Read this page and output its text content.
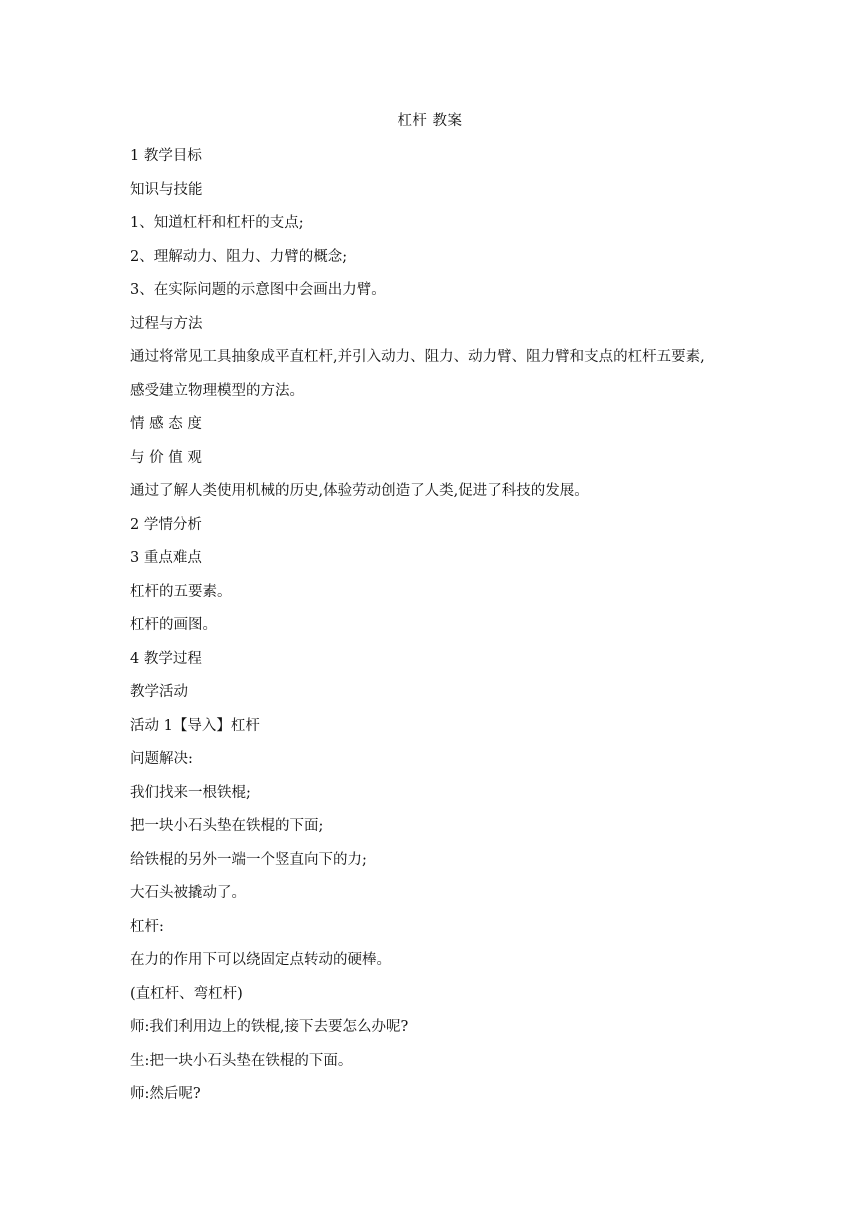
杠杆 教案
1 教学目标
知识与技能
1、知道杠杆和杠杆的支点;
2、理解动力、阻力、力臂的概念;
3、在实际问题的示意图中会画出力臂。
过程与方法
通过将常见工具抽象成平直杠杆,并引入动力、阻力、动力臂、阻力臂和支点的杠杆五要素,
感受建立物理模型的方法。
情 感 态 度
与 价 值 观
通过了解人类使用机械的历史,体验劳动创造了人类,促进了科技的发展。
2 学情分析
3 重点难点
杠杆的五要素。
杠杆的画图。
4 教学过程
教学活动
活动 1【导入】杠杆
问题解决:
我们找来一根铁棍;
把一块小石头垫在铁棍的下面;
给铁棍的另外一端一个竖直向下的力;
大石头被撬动了。
杠杆:
在力的作用下可以绕固定点转动的硬棒。
(直杠杆、弯杠杆)
师:我们利用边上的铁棍,接下去要怎么办呢?
生:把一块小石头垫在铁棍的下面。
师:然后呢?
